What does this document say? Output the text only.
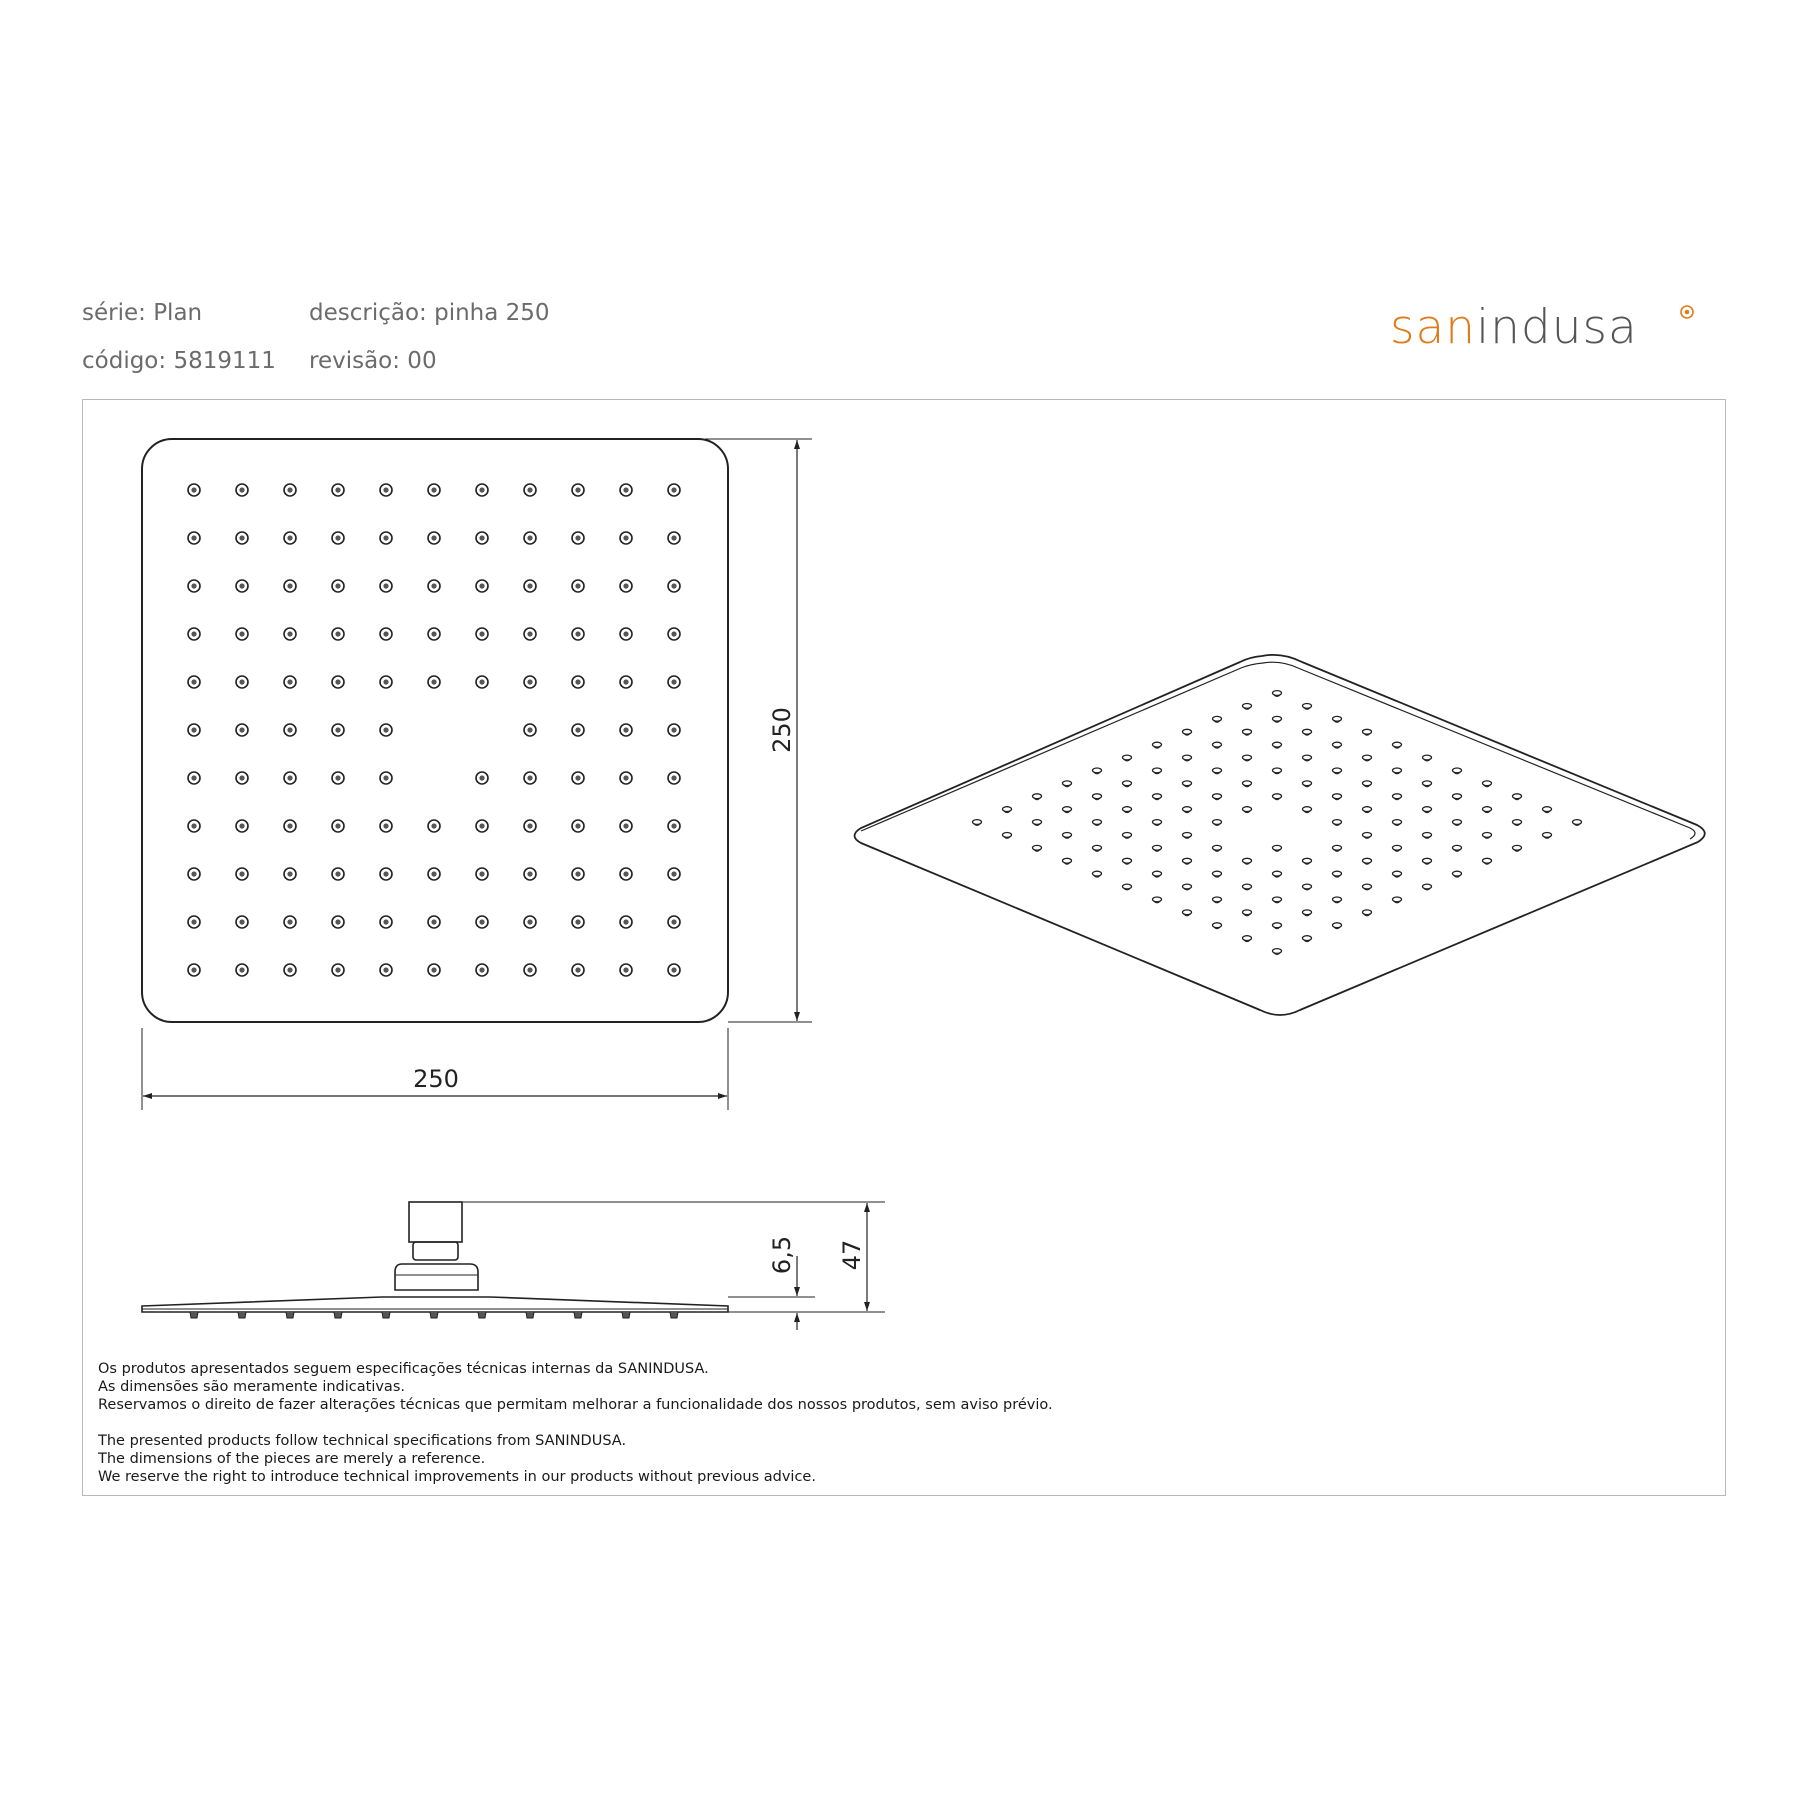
série: Plan	descrição: pinha 250
código: 5819111 revisão: 00
sanindusa
250
250
6,5 47
Os produtos apresentados seguem especificações técnicas internas da SANINDUSA.
As dimensões são meramente indicativas.
Reservamos o direito de fazer alterações técnicas que permitam melhorar a funcionalidade dos nossos produtos, sem aviso prévio.
The presented products follow technical specifications from SANINDUSA.
The dimensions of the pieces are merely a reference.
We reserve the right to introduce technical improvements in our products without previous advice.
